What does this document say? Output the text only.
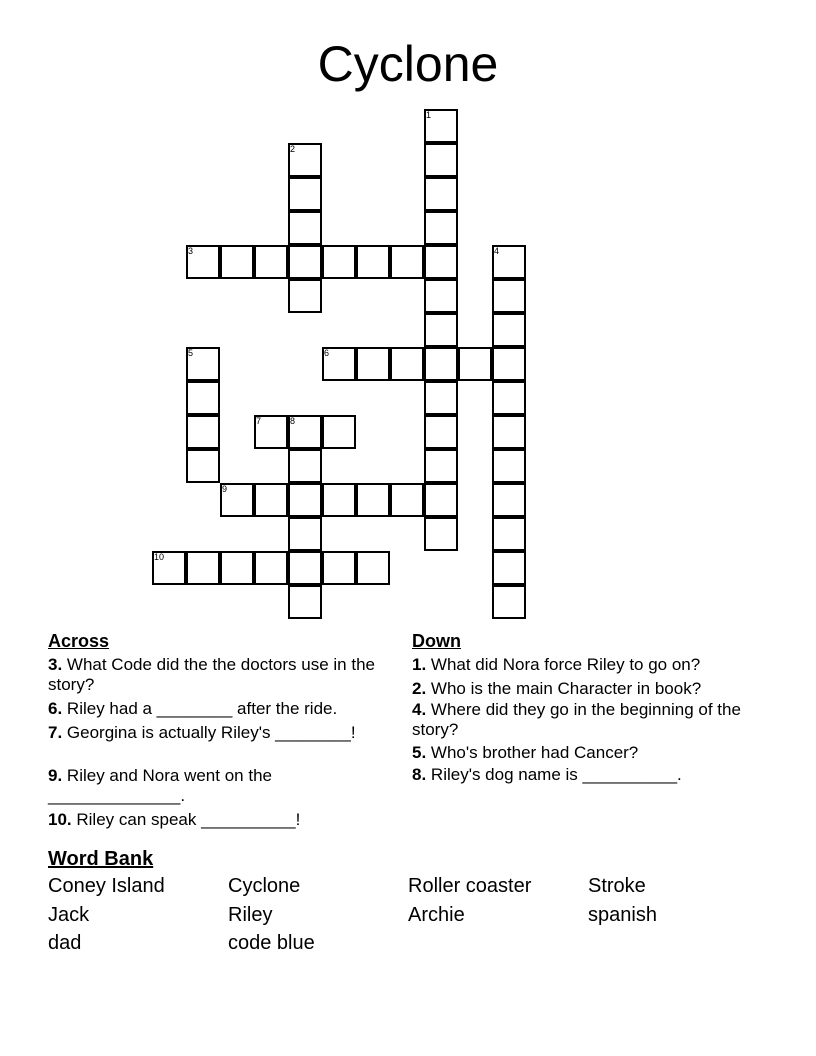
Cyclone
1
2
3	4
5	6
7	8
9
10
Across
3. What Code did the the doctors use in the story?
6. Riley had a ________ after the ride.
7. Georgina is actually Riley's ________!
9. Riley and Nora went on the ______________.
10. Riley can speak __________!
Down
1. What did Nora force Riley to go on?
2. Who is the main Character in book?
4. Where did they go in the beginning of the story?
5. Who's brother had Cancer?
8. Riley's dog name is __________.
Word Bank
Coney Island	Cyclone	Roller coaster	Stroke
Jack	Riley	Archie	spanish
dad	code blue
